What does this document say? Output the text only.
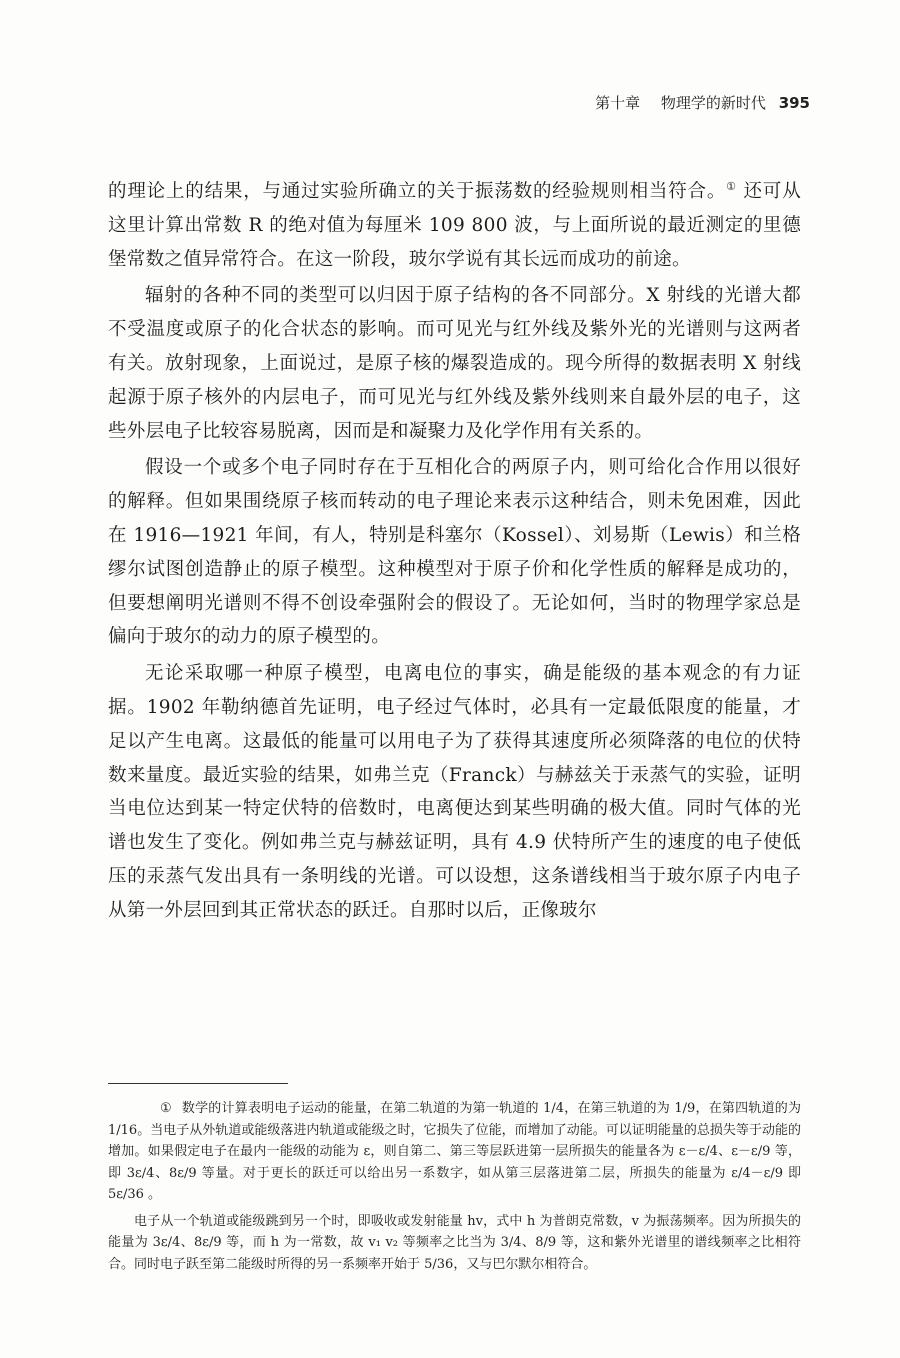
第十章 物理学的新时代 395

的理论上的结果，与通过实验所确立的关于振荡数的经验规则相当符合。① 还可从这里计算出常数 R 的绝对值为每厘米 109 800 波，与上面所说的最近测定的里德堡常数之值异常符合。在这一阶段，玻尔学说有其长远而成功的前途。

辐射的各种不同的类型可以归因于原子结构的各不同部分。X 射线的光谱大都不受温度或原子的化合状态的影响。而可见光与红外线及紫外光的光谱则与这两者有关。放射现象，上面说过，是原子核的爆裂造成的。现今所得的数据表明 X 射线起源于原子核外的内层电子，而可见光与红外线及紫外线则来自最外层的电子，这些外层电子比较容易脱离，因而是和凝聚力及化学作用有关系的。

假设一个或多个电子同时存在于互相化合的两原子内，则可给化合作用以很好的解释。但如果围绕原子核而转动的电子理论来表示这种结合，则未免困难，因此在 1916—1921 年间，有人，特别是科塞尔（Kossel）、刘易斯（Lewis）和兰格缪尔试图创造静止的原子模型。这种模型对于原子价和化学性质的解释是成功的，但要想阐明光谱则不得不创设牵强附会的假设了。无论如何，当时的物理学家总是偏向于玻尔的动力的原子模型的。

无论采取哪一种原子模型，电离电位的事实，确是能级的基本观念的有力证据。1902 年勒纳德首先证明，电子经过气体时，必具有一定最低限度的能量，才足以产生电离。这最低的能量可以用电子为了获得其速度所必须降落的电位的伏特数来量度。最近实验的结果，如弗兰克（Franck）与赫兹关于汞蒸气的实验，证明当电位达到某一特定伏特的倍数时，电离便达到某些明确的极大值。同时气体的光谱也发生了变化。例如弗兰克与赫兹证明，具有 4.9 伏特所产生的速度的电子使低压的汞蒸气发出具有一条明线的光谱。可以设想，这条谱线相当于玻尔原子内电子从第一外层回到其正常状态的跃迁。自那时以后，正像玻尔

① 数学的计算表明电子运动的能量，在第二轨道的为第一轨道的 1/4，在第三轨道的为 1/9，在第四轨道的为 1/16。当电子从外轨道或能级落进内轨道或能级之时，它损失了位能，而增加了动能。可以证明能量的总损失等于动能的增加。如果假定电子在最内一能级的动能为 ε，则自第二、第三等层跃进第一层所损失的能量各为 ε－ε/4、ε－ε/9 等，即 3ε/4、8ε/9 等量。对于更长的跃迁可以给出另一系数字，如从第三层落进第二层，所损失的能量为 ε/4－ε/9 即 5ε/36 。

电子从一个轨道或能级跳到另一个时，即吸收或发射能量 hv，式中 h 为普朗克常数，v 为振荡频率。因为所损失的能量为 3ε/4、8ε/9 等，而 h 为一常数，故 v₁ v₂ 等频率之比当为 3/4、8/9 等，这和紫外光谱里的谱线频率之比相符合。同时电子跃至第二能级时所得的另一系频率开始于 5/36，又与巴尔默尔相符合。
